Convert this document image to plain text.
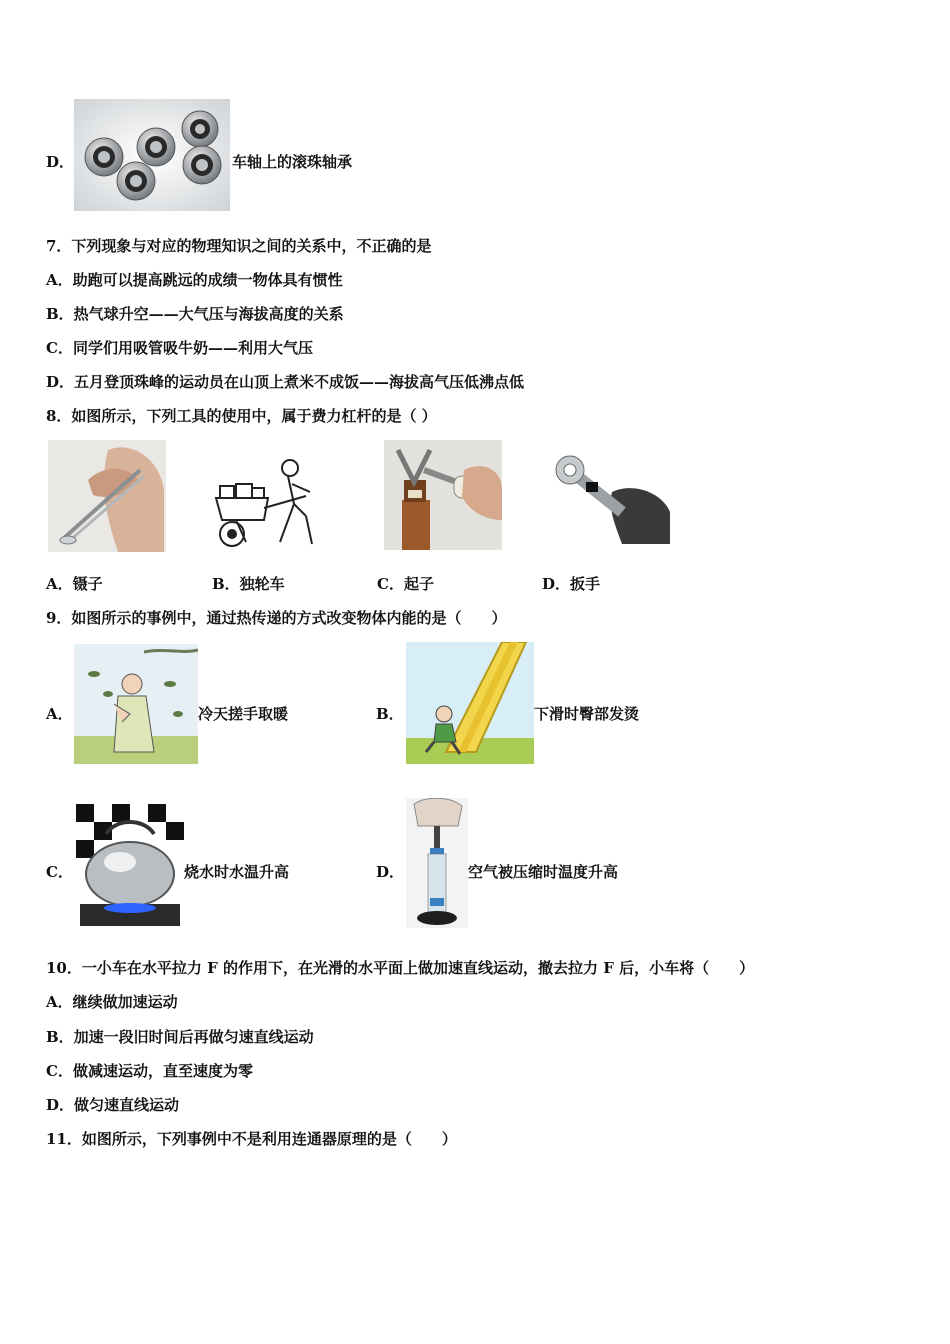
D．	车轴上的滚珠轴承
7．下列现象与对应的物理知识之间的关系中，不正确的是
A．助跑可以提高跳远的成绩一物体具有惯性
B．热气球升空——大气压与海拔高度的关系
C．同学们用吸管吸牛奶——利用大气压
D．五月登顶珠峰的运动员在山顶上煮米不成饭——海拔高气压低沸点低
8．如图所示，下列工具的使用中，属于费力杠杆的是（ ）
A．镊子	B．独轮车	C．起子	D．扳手
9．如图所示的事例中，通过热传递的方式改变物体内能的是（　　）
A．	冷天搓手取暖	B．	下滑时臀部发烫
C．	烧水时水温升高	D．	空气被压缩时温度升高
10．一小车在水平拉力 F 的作用下，在光滑的水平面上做加速直线运动，撤去拉力 F 后，小车将（　　）
A．继续做加速运动
B．加速一段旧时间后再做匀速直线运动
C．做减速运动，直至速度为零
D．做匀速直线运动
11．如图所示，下列事例中不是利用连通器原理的是（　　）
